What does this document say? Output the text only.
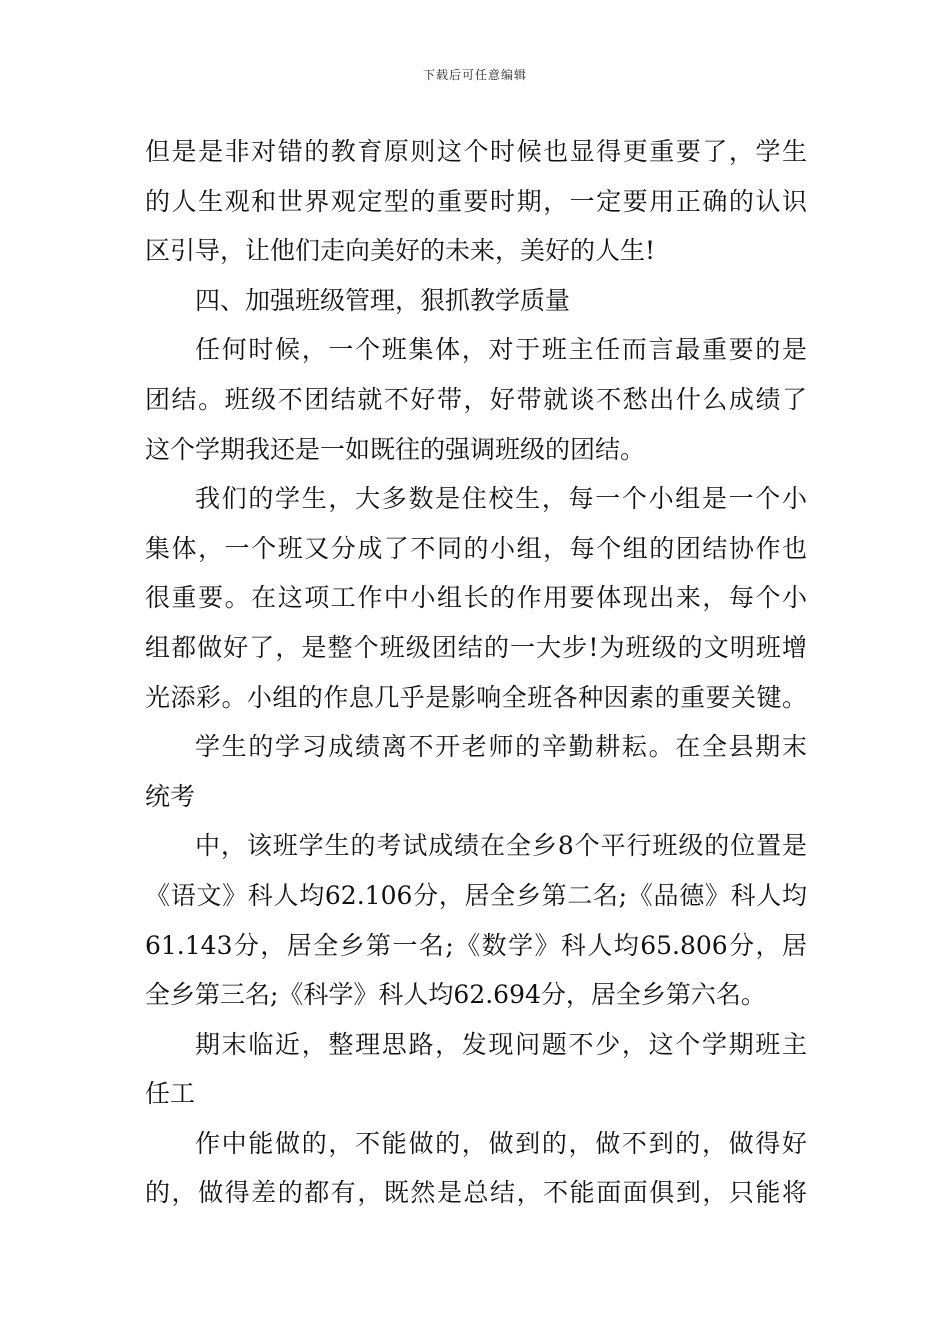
下载后可任意编辑
但是是非对错的教育原则这个时候也显得更重要了，学生
的人生观和世界观定型的重要时期，一定要用正确的认识
区引导，让他们走向美好的未来，美好的人生!
四、加强班级管理，狠抓教学质量
任何时候，一个班集体，对于班主任而言最重要的是
团结。班级不团结就不好带，好带就谈不愁出什么成绩了
这个学期我还是一如既往的强调班级的团结。
我们的学生，大多数是住校生，每一个小组是一个小
集体，一个班又分成了不同的小组，每个组的团结协作也
很重要。在这项工作中小组长的作用要体现出来，每个小
组都做好了，是整个班级团结的一大步!为班级的文明班增
光添彩。小组的作息几乎是影响全班各种因素的重要关键。
学生的学习成绩离不开老师的辛勤耕耘。在全县期末
统考
中，该班学生的考试成绩在全乡8个平行班级的位置是
《语文》科人均62.106分，居全乡第二名;《品德》科人均
61.143分，居全乡第一名;《数学》科人均65.806分，居
全乡第三名;《科学》科人均62.694分，居全乡第六名。
期末临近，整理思路，发现问题不少，这个学期班主
任工
作中能做的，不能做的，做到的，做不到的，做得好
的，做得差的都有，既然是总结，不能面面俱到，只能将
